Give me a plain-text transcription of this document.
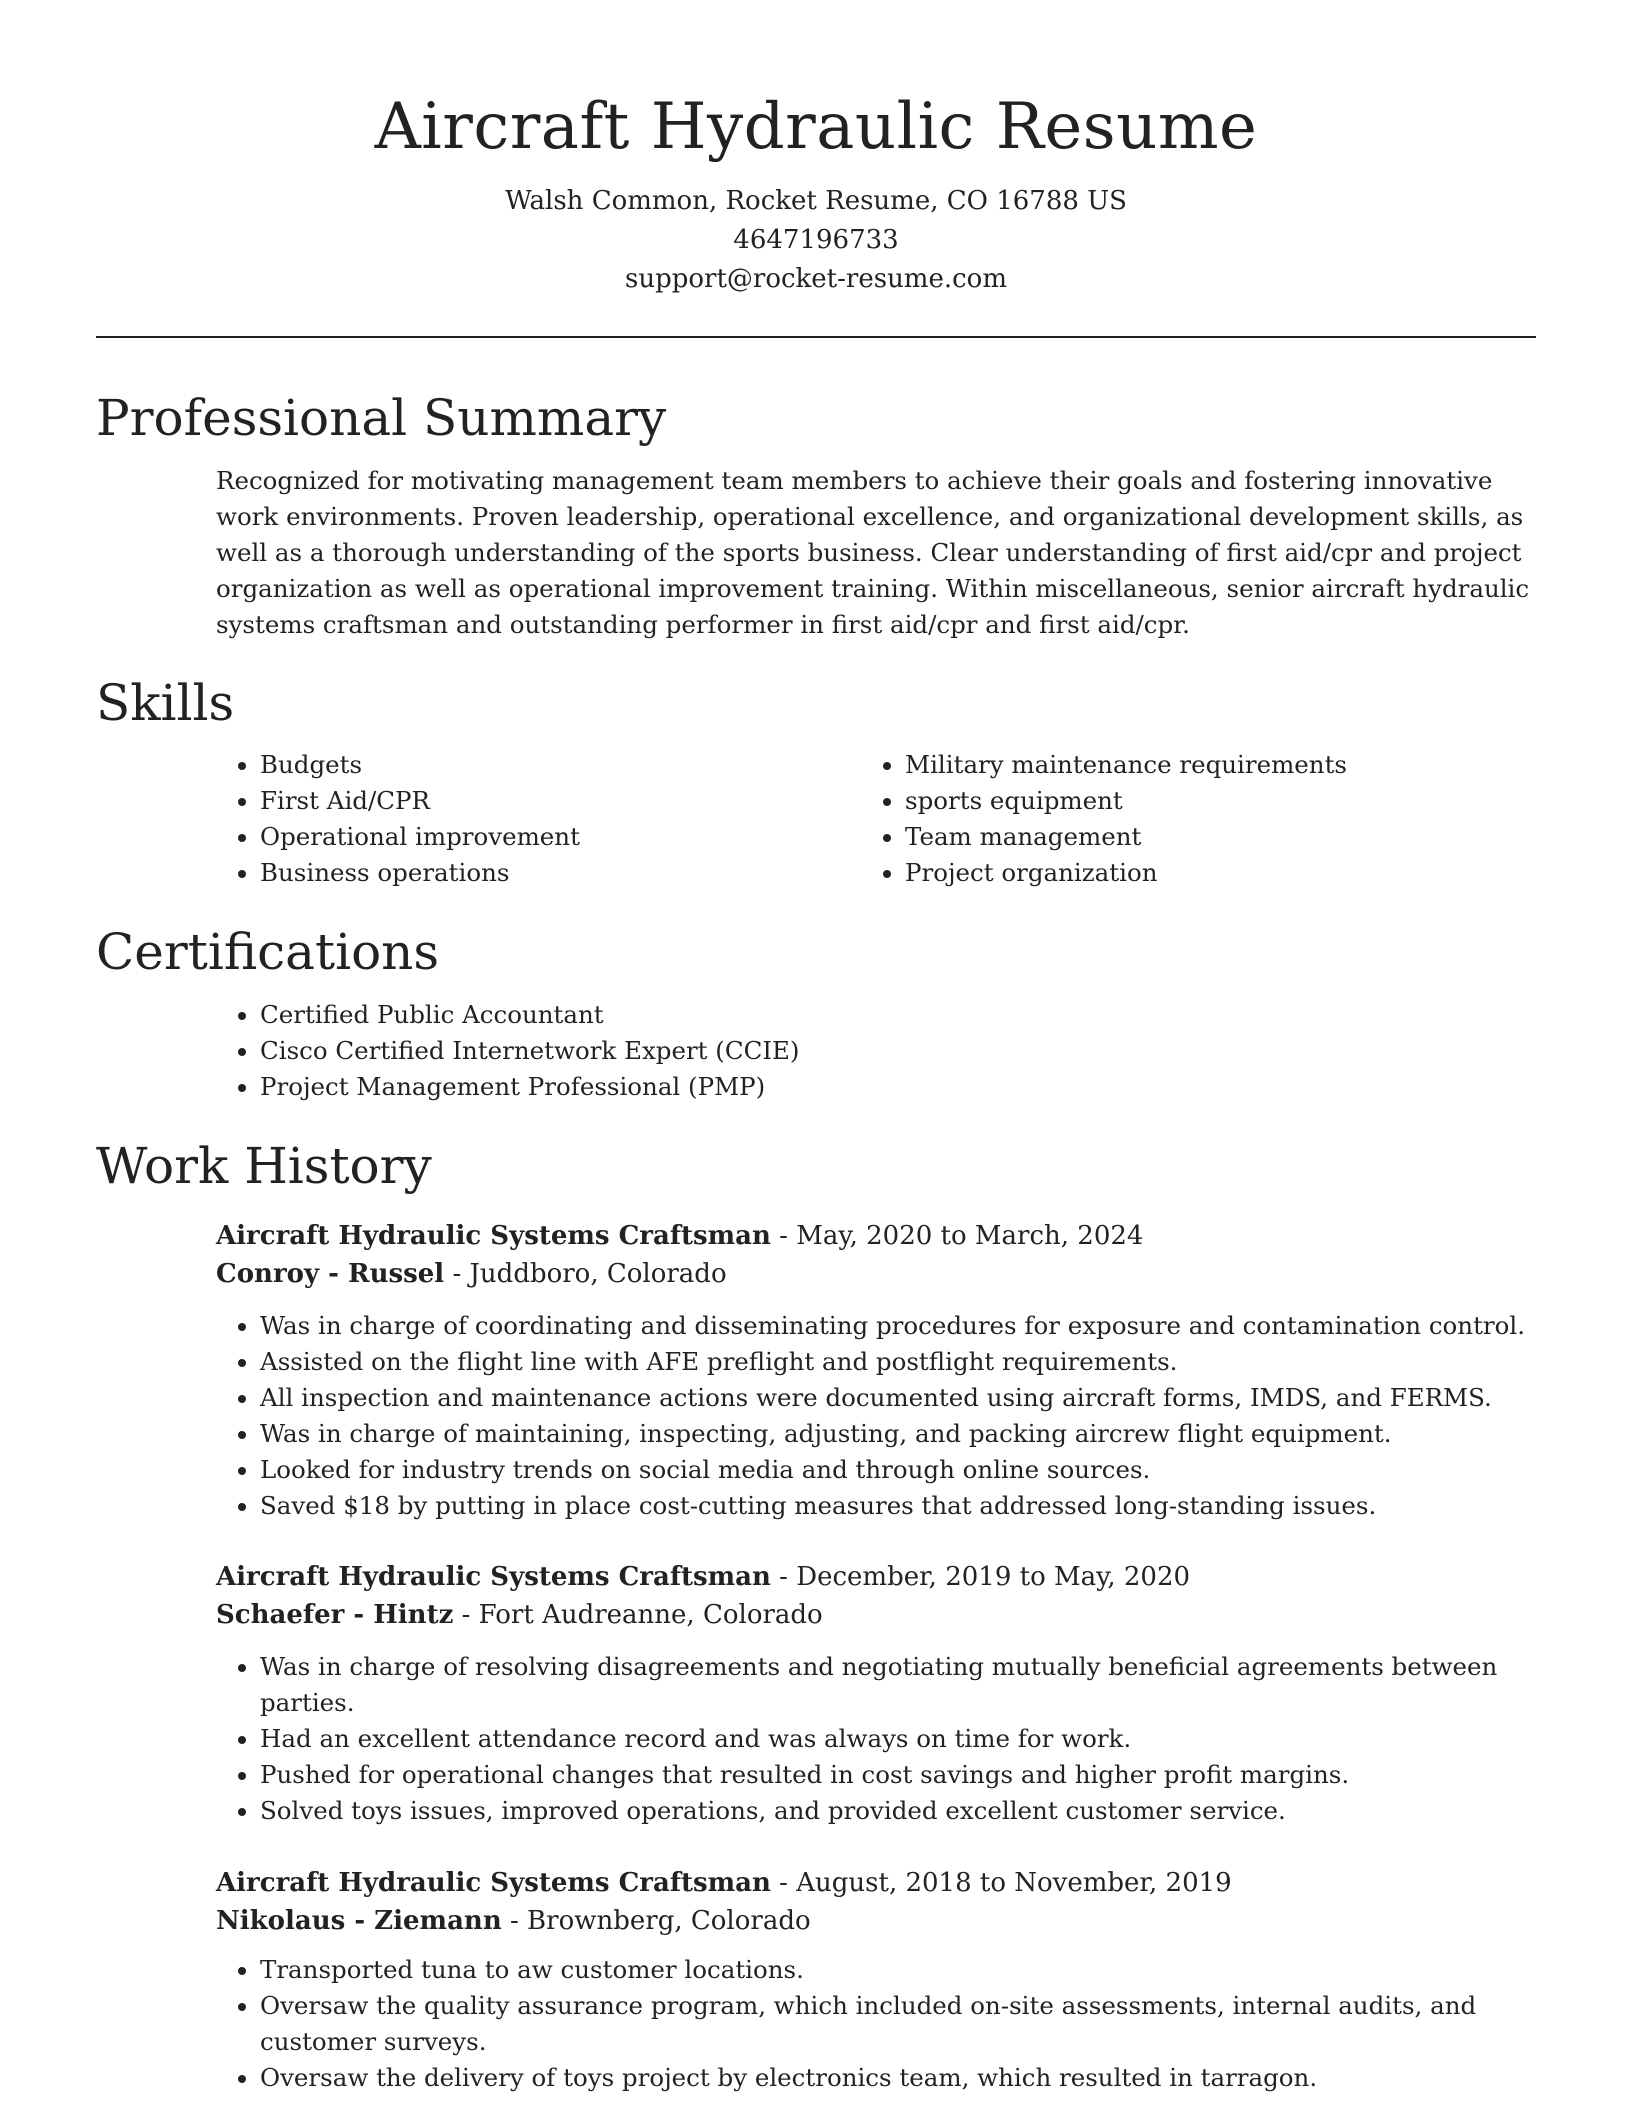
Aircraft Hydraulic Resume

Walsh Common, Rocket Resume, CO 16788 US

4647196733

support@rocket-resume.com

Professional Summary

Recognized for motivating management team members to achieve their goals and fostering innovative work environments. Proven leadership, operational excellence, and organizational development skills, as well as a thorough understanding of the sports business. Clear understanding of first aid/cpr and project organization as well as operational improvement training. Within miscellaneous, senior aircraft hydraulic systems craftsman and outstanding performer in first aid/cpr and first aid/cpr.

Skills
• Budgets
• First Aid/CPR
• Operational improvement
• Business operations
• Military maintenance requirements
• sports equipment
• Team management
• Project organization
Certifications
• Certified Public Accountant
• Cisco Certified Internetwork Expert (CCIE)
• Project Management Professional (PMP)
Work History

Aircraft Hydraulic Systems Craftsman - May, 2020 to March, 2024

Conroy - Russel - Juddboro, Colorado

• Was in charge of coordinating and disseminating procedures for exposure and contamination control.
• Assisted on the flight line with AFE preflight and postflight requirements.
• All inspection and maintenance actions were documented using aircraft forms, IMDS, and FERMS.
• Was in charge of maintaining, inspecting, adjusting, and packing aircrew flight equipment.
• Looked for industry trends on social media and through online sources.
• Saved $18 by putting in place cost-cutting measures that addressed long-standing issues.

Aircraft Hydraulic Systems Craftsman - December, 2019 to May, 2020

Schaefer - Hintz - Fort Audreanne, Colorado

• Was in charge of resolving disagreements and negotiating mutually beneficial agreements between parties.
• Had an excellent attendance record and was always on time for work.
• Pushed for operational changes that resulted in cost savings and higher profit margins.
• Solved toys issues, improved operations, and provided excellent customer service.

Aircraft Hydraulic Systems Craftsman - August, 2018 to November, 2019

Nikolaus - Ziemann - Brownberg, Colorado

• Transported tuna to aw customer locations.
• Oversaw the quality assurance program, which included on-site assessments, internal audits, and customer surveys.
• Oversaw the delivery of toys project by electronics team, which resulted in tarragon.
